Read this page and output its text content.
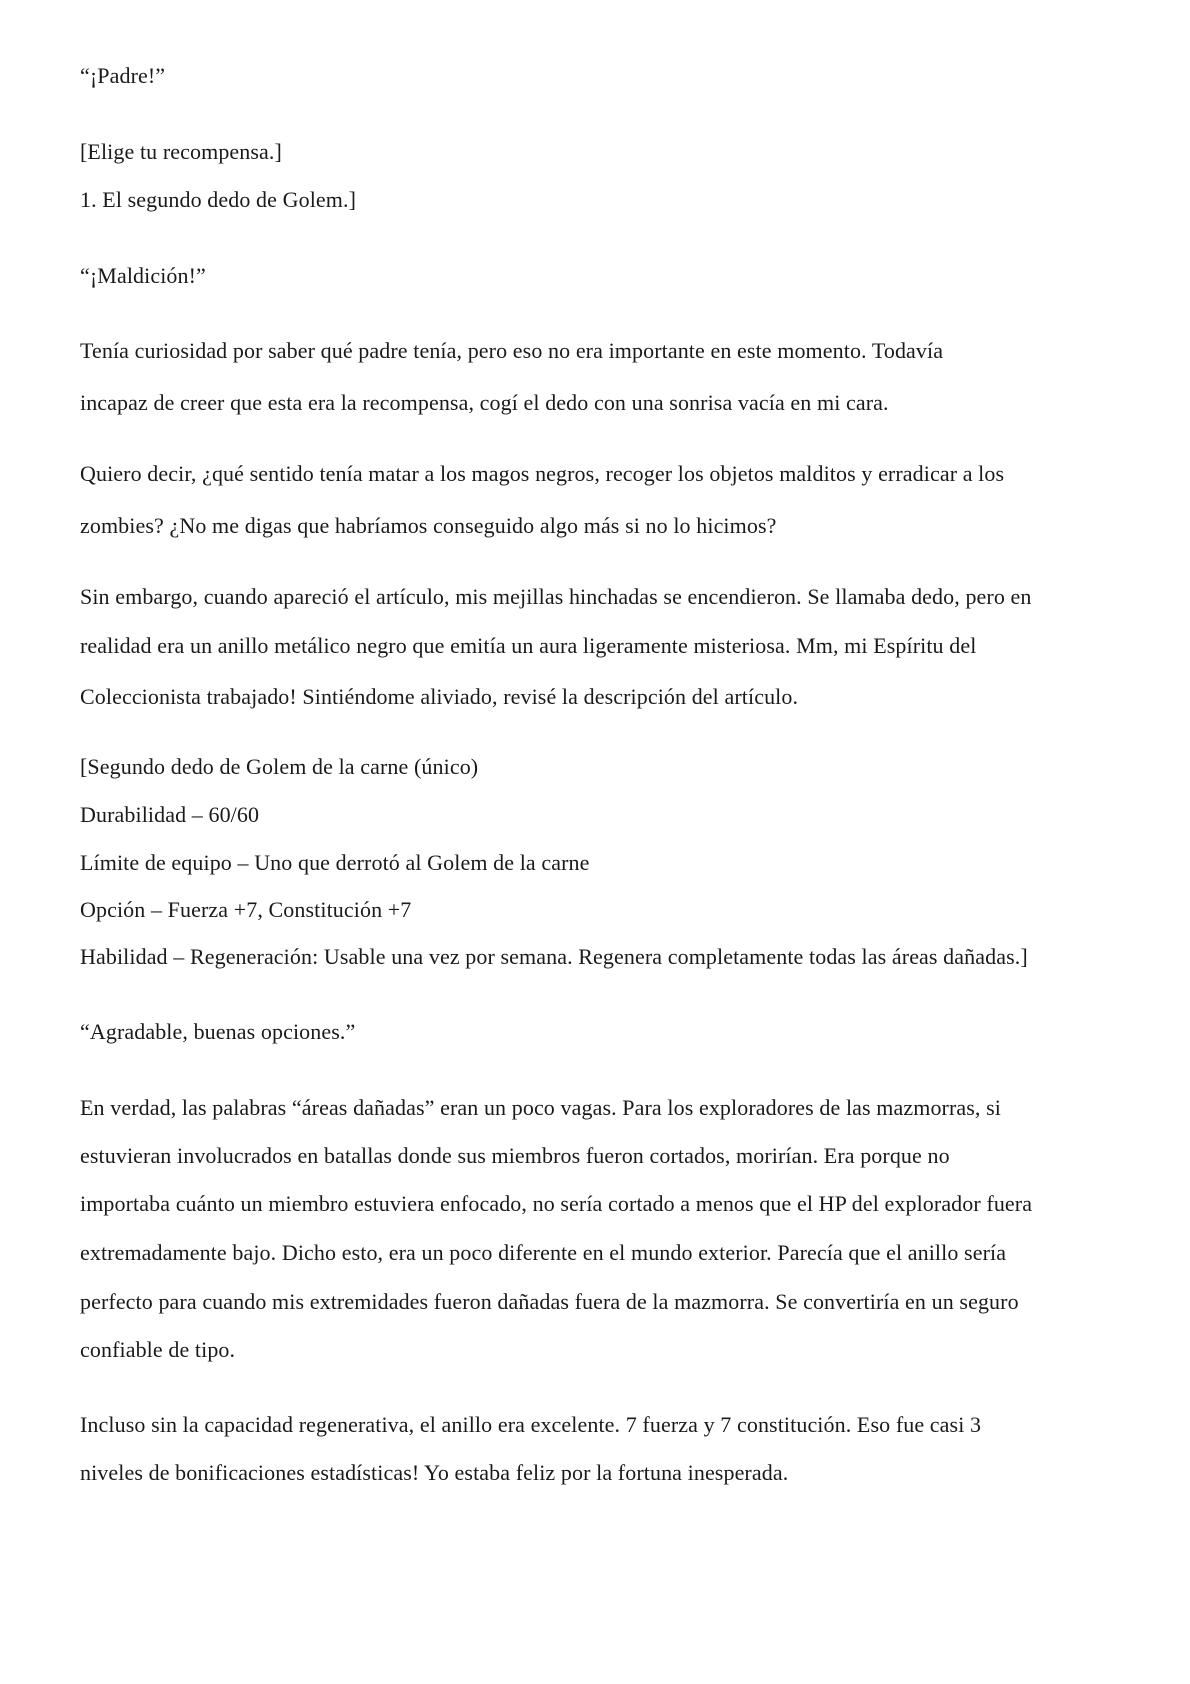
“¡Padre!”
[Elige tu recompensa.]
1. El segundo dedo de Golem.]
“¡Maldición!”
Tenía curiosidad por saber qué padre tenía, pero eso no era importante en este momento. Todavía
incapaz de creer que esta era la recompensa, cogí el dedo con una sonrisa vacía en mi cara.
Quiero decir, ¿qué sentido tenía matar a los magos negros, recoger los objetos malditos y erradicar a los
zombies? ¿No me digas que habríamos conseguido algo más si no lo hicimos?
Sin embargo, cuando apareció el artículo, mis mejillas hinchadas se encendieron. Se llamaba dedo, pero en
realidad era un anillo metálico negro que emitía un aura ligeramente misteriosa. Mm, mi Espíritu del
Coleccionista trabajado! Sintiéndome aliviado, revisé la descripción del artículo.
[Segundo dedo de Golem de la carne (único)
Durabilidad – 60/60
Límite de equipo – Uno que derrotó al Golem de la carne
Opción – Fuerza +7, Constitución +7
Habilidad – Regeneración: Usable una vez por semana. Regenera completamente todas las áreas dañadas.]
“Agradable, buenas opciones.”
En verdad, las palabras “áreas dañadas” eran un poco vagas. Para los exploradores de las mazmorras, si
estuvieran involucrados en batallas donde sus miembros fueron cortados, morirían. Era porque no
importaba cuánto un miembro estuviera enfocado, no sería cortado a menos que el HP del explorador fuera
extremadamente bajo. Dicho esto, era un poco diferente en el mundo exterior. Parecía que el anillo sería
perfecto para cuando mis extremidades fueron dañadas fuera de la mazmorra. Se convertiría en un seguro
confiable de tipo.
Incluso sin la capacidad regenerativa, el anillo era excelente. 7 fuerza y 7 constitución. Eso fue casi 3
niveles de bonificaciones estadísticas! Yo estaba feliz por la fortuna inesperada.
